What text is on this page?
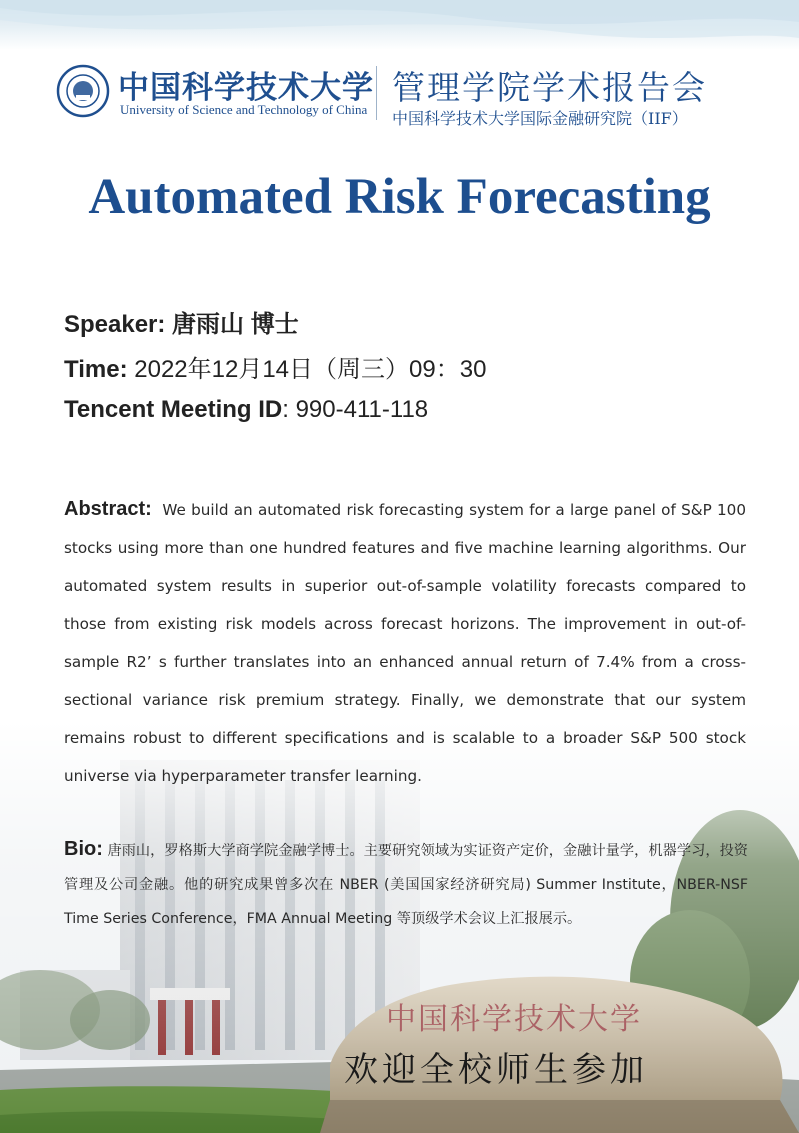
中国科学技术大学
University of Science and Technology of China
管理学院学术报告会
中国科学技术大学国际金融研究院（IIF）
Automated Risk Forecasting
Speaker: 唐雨山 博士
Time: 2022年12月14日（周三）09：30
Tencent Meeting ID: 990-411-118
Abstract: We build an automated risk forecasting system for a large panel of S&P 100 stocks using more than one hundred features and five machine learning algorithms. Our automated system results in superior out-of-sample volatility forecasts compared to those from existing risk models across forecast horizons. The improvement in out-of-sample R2’ s further translates into an enhanced annual return of 7.4% from a cross-sectional variance risk premium strategy. Finally, we demonstrate that our system remains robust to different specifications and is scalable to a broader S&P 500 stock universe via hyperparameter transfer learning.
Bio: 唐雨山，罗格斯大学商学院金融学博士。主要研究领域为实证资产定价，金融计量学，机器学习，投资管理及公司金融。他的研究成果曾多次在 NBER (美国国家经济研究局) Summer Institute，NBER-NSF Time Series Conference，FMA Annual Meeting 等顶级学术会议上汇报展示。
中国科学技术大学
欢迎全校师生参加
